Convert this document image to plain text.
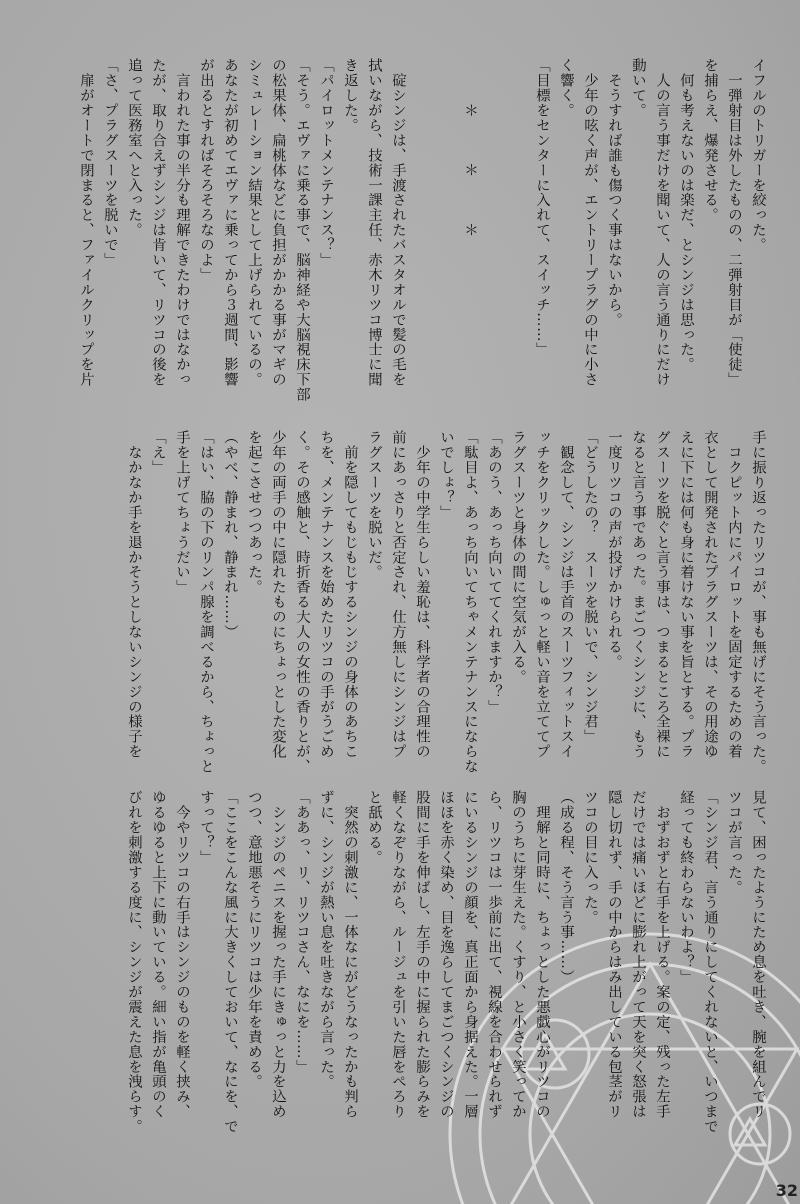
イフルのトリガーを絞った。
　一弾射目は外したものの、二弾射目が「使徒」
を捕らえ、爆発させる。
　何も考えないのは楽だ、とシンジは思った。
　人の言う事だけを聞いて、人の言う通りにだけ
動いて。
　そうすれば誰も傷つく事はないから。
　少年の呟く声が、エントリープラグの中に小さ
く響く。
「目標をセンターに入れて、スイッチ……」

　　　＊　　　＊　　　＊

　碇シンジは、手渡されたバスタオルで髪の毛を
拭いながら、技術一課主任、赤木リツコ博士に聞
き返した。
「パイロットメンテナンス？」
「そう。エヴァに乗る事で、脳神経や大脳視床下部
の松果体、扁桃体などに負担がかかる事がマギの
シミュレーション結果として上げられているの。
あなたが初めてエヴァに乗ってから３週間、影響
が出るとすればそろそろなのよ」
　言われた事の半分も理解できたわけではなかっ
たが、取り合えずシンジは肯いて、リツコの後を
追って医務室へと入った。
「さ、プラグスーツを脱いで」
　扉がオートで閉まると、ファイルクリップを片
手に振り返ったリツコが、事も無げにそう言った。
　コクピット内にパイロットを固定するための着
衣として開発されたプラグスーツは、その用途ゆ
えに下には何も身に着けない事を旨とする。プラ
グスーツを脱ぐと言う事は、つまるところ全裸に
なると言う事であった。まごつくシンジに、もう
一度リツコの声が投げかけられる。
「どうしたの？　スーツを脱いで、シンジ君」
　観念して、シンジは手首のスーツフィットスイ
ッチをクリックした。しゅっと軽い音を立ててプ
ラグスーツと身体の間に空気が入る。
「あのう、あっち向いててくれますか？」
「駄目よ、あっち向いてちゃメンテナンスにならな
いでしょ？」
　少年の中学生らしい羞恥は、科学者の合理性の
前にあっさりと否定され、仕方無しにシンジはプ
ラグスーツを脱いだ。
　前を隠してもじもじするシンジの身体のあちこ
ちを、メンテナンスを始めたリツコの手がうごめ
く。その感触と、時折香る大人の女性の香りとが、
少年の両手の中に隠れたものにちょっとした変化
を起こさせつつあった。
（やべ、静まれ、静まれ……）
「はい、脇の下のリンパ腺を調べるから、ちょっと
手を上げてちょうだい」
「え」
　なかなか手を退かそうとしないシンジの様子を
見て、困ったようにため息を吐き、腕を組んでリ
ツコが言った。
「シンジ君、言う通りにしてくれないと、いつまで
経っても終わらないわよ？」
　おずおずと右手を上げる。案の定、残った左手
だけでは痛いほどに膨れ上がって天を突く怒張は
隠し切れず、手の中からはみ出している包茎がリ
ツコの目に入った。
（成る程、そう言う事……）
　理解と同時に、ちょっとした悪戯心がリツコの
胸のうちに芽生えた。くすり、と小さく笑ってか
ら、リツコは一歩前に出て、視線を合わせられず
にいるシンジの顔を、真正面から身据えた。一層
ほほを赤く染め、目を逸らしてまごつくシンジの
股間に手を伸ばし、左手の中に握られた膨らみを
軽くなぞりながら、ルージュを引いた唇をぺろり
と舐める。
　突然の刺激に、一体なにがどうなったかも判ら
ずに、シンジが熱い息を吐きながら言った。
「ああっ、リ、リツコさん、なにを……」
　シンジのペニスを握った手にきゅっと力を込め
つつ、意地悪そうにリツコは少年を責める。
「ここをこんな風に大きくしておいて、なにを、で
すって？」
　今やリツコの右手はシンジのものを軽く挟み、
ゆるゆると上下に動いている。細い指が亀頭のく
びれを刺激する度に、シンジが震えた息を洩らす。
32
